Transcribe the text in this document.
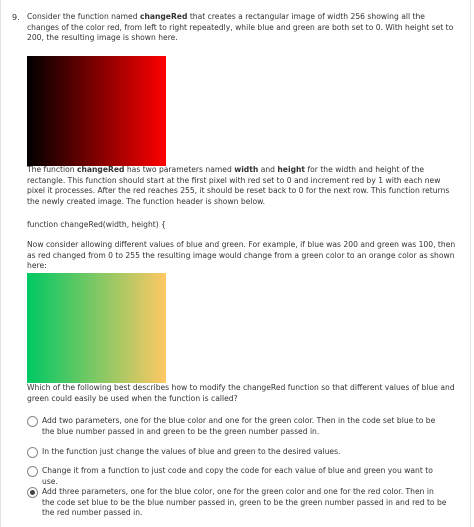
9. Consider the function named changeRed that creates a rectangular image of width 256 showing all the changes of the color red, from left to right repeatedly, while blue and green are both set to 0. With height set to 200, the resulting image is shown here.
The function changeRed has two parameters named width and height for the width and height of the rectangle. This function should start at the first pixel with red set to 0 and increment red by 1 with each new pixel it processes. After the red reaches 255, it should be reset back to 0 for the next row. This function returns the newly created image. The function header is shown below.
function changeRed(width, height) {
Now consider allowing different values of blue and green. For example, if blue was 200 and green was 100, then as red changed from 0 to 255 the resulting image would change from a green color to an orange color as shown here:
Which of the following best describes how to modify the changeRed function so that different values of blue and green could easily be used when the function is called?
Add two parameters, one for the blue color and one for the green color. Then in the code set blue to be the blue number passed in and green to be the green number passed in.
In the function just change the values of blue and green to the desired values.
Change it from a function to just code and copy the code for each value of blue and green you want to use.
Add three parameters, one for the blue color, one for the green color and one for the red color. Then in the code set blue to be the blue number passed in, green to be the green number passed in and red to be the red number passed in.
